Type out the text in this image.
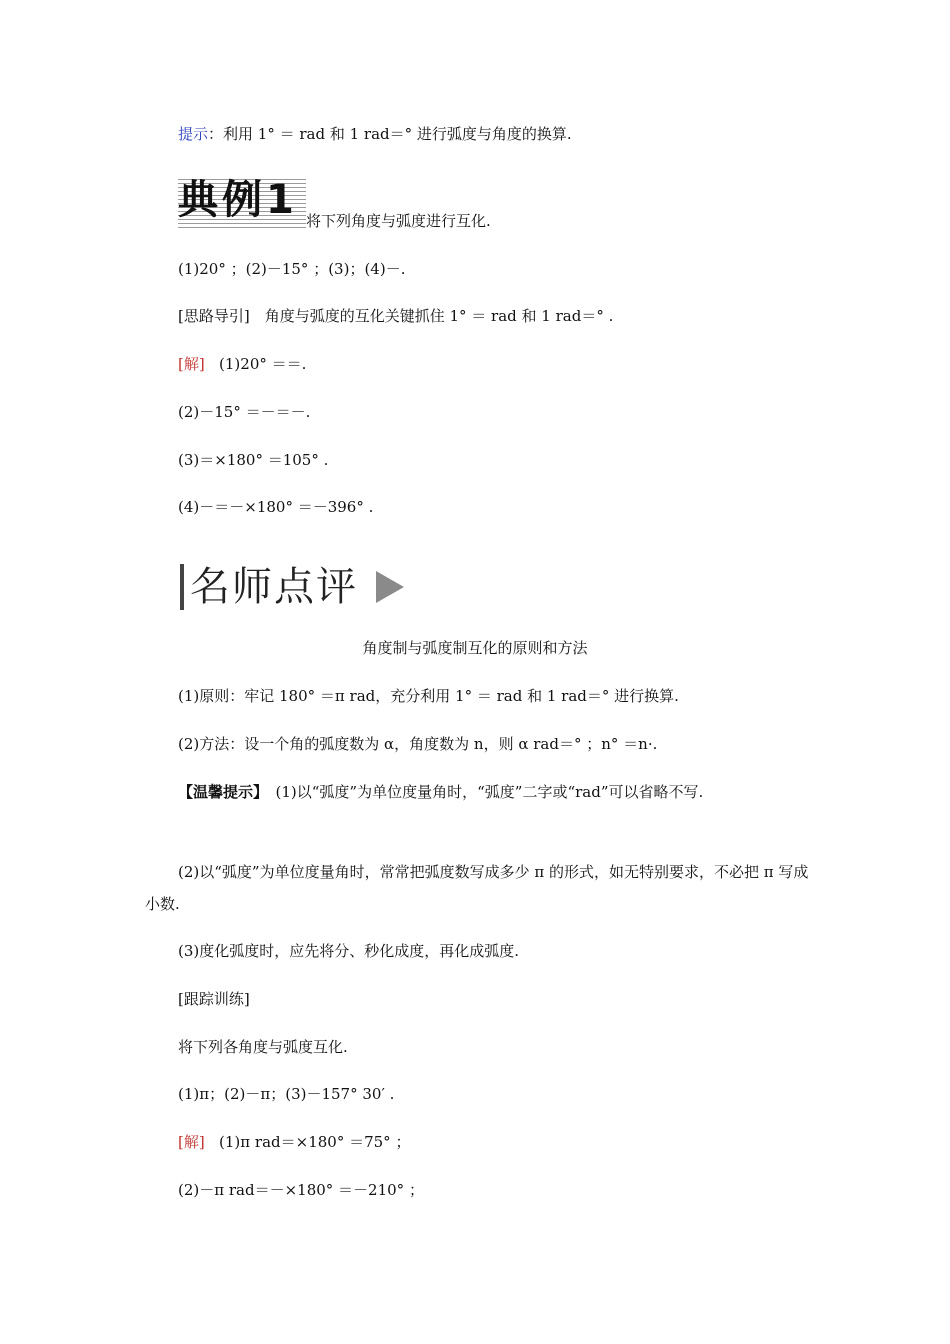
提示：利用 1° ＝ rad 和 1 rad＝° 进行弧度与角度的换算.
典例1 将下列角度与弧度进行互化.
(1)20° ；(2)－15° ；(3)；(4)－.
[思路导引]　角度与弧度的互化关键抓住 1° ＝ rad 和 1 rad＝° .
[解] (1)20° ＝＝.
(2)－15° ＝－＝－.
(3)＝×180° ＝105° .
(4)－＝－×180° ＝－396° .
名师点评
角度制与弧度制互化的原则和方法
(1)原则：牢记 180° ＝π rad，充分利用 1° ＝ rad 和 1 rad＝° 进行换算.
(2)方法：设一个角的弧度数为 α，角度数为 n，则 α rad＝° ；n° ＝n·.
【温馨提示】　(1)以“弧度”为单位度量角时，“弧度”二字或“rad”可以省略不写.
(2)以“弧度”为单位度量角时，常常把弧度数写成多少 π 的形式，如无特别要求，不必把 π 写成小数.
(3)度化弧度时，应先将分、秒化成度，再化成弧度.
[跟踪训练]
将下列各角度与弧度互化.
(1)π；(2)－π；(3)－157° 30′ .
[解] (1)π rad＝×180° ＝75° ；
(2)－π rad＝－×180° ＝－210° ；
